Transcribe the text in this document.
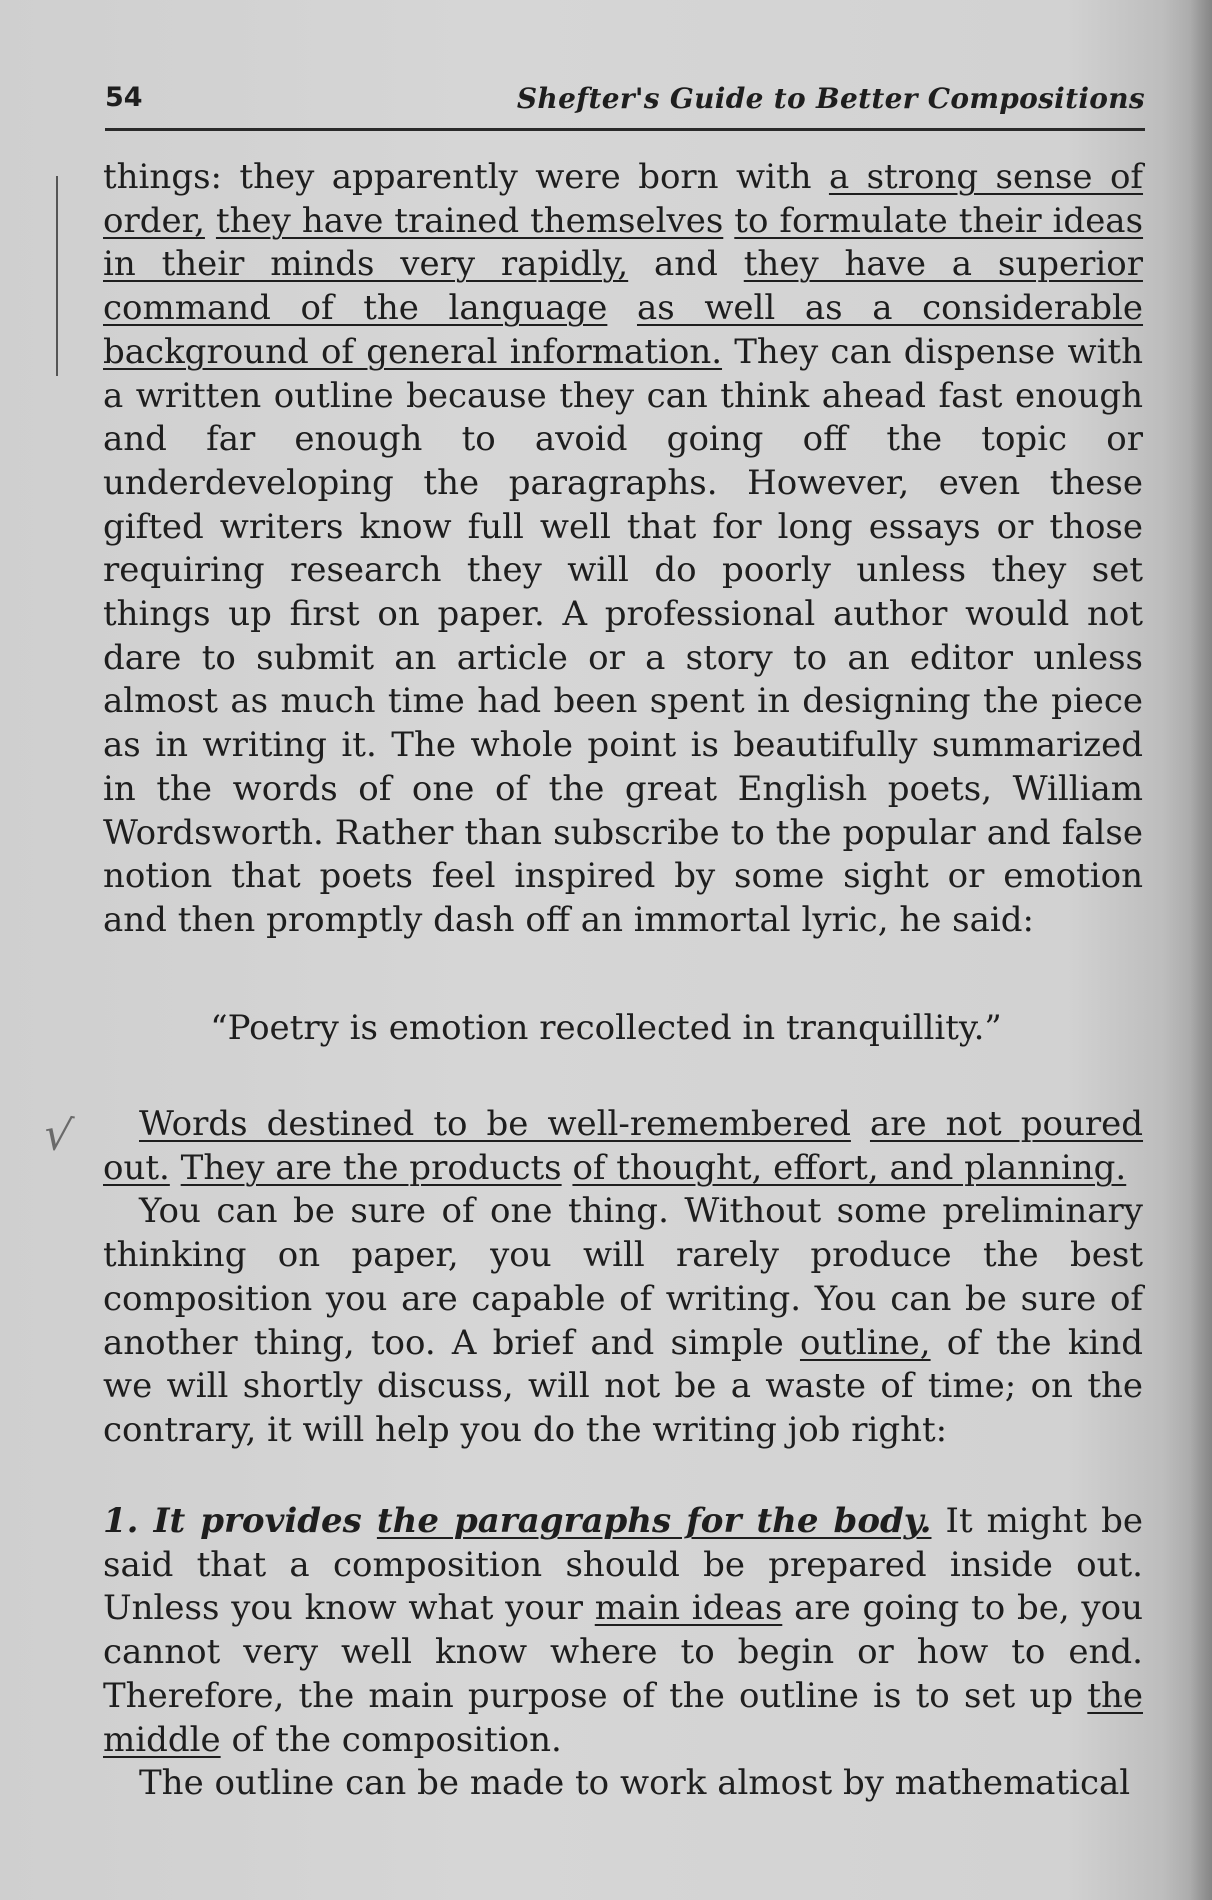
54	Shefter's Guide to Better Compositions
√

things: they apparently were born with a strong sense of order, they have trained themselves to formulate their ideas in their minds very rapidly, and they have a superior command of the language as well as a considerable background of general information. They can dispense with a written outline because they can think ahead fast enough and far enough to avoid going off the topic or underdeveloping the paragraphs. However, even these gifted writers know full well that for long essays or those requiring research they will do poorly unless they set things up first on paper. A professional author would not dare to submit an article or a story to an editor unless almost as much time had been spent in designing the piece as in writing it. The whole point is beautifully summarized in the words of one of the great English poets, William Wordsworth. Rather than subscribe to the popular and false notion that poets feel inspired by some sight or emotion and then promptly dash off an immortal lyric, he said:

“Poetry is emotion recollected in tranquillity.”

Words destined to be well-remembered are not poured out. They are the products of thought, effort, and planning.

You can be sure of one thing. Without some preliminary thinking on paper, you will rarely produce the best composition you are capable of writing. You can be sure of another thing, too. A brief and simple outline, of the kind we will shortly discuss, will not be a waste of time; on the contrary, it will help you do the writing job right:

1. It provides the paragraphs for the body. It might be said that a composition should be prepared inside out. Unless you know what your main ideas are going to be, you cannot very well know where to begin or how to end. Therefore, the main purpose of the outline is to set up the middle of the composition.

The outline can be made to work almost by mathematical
